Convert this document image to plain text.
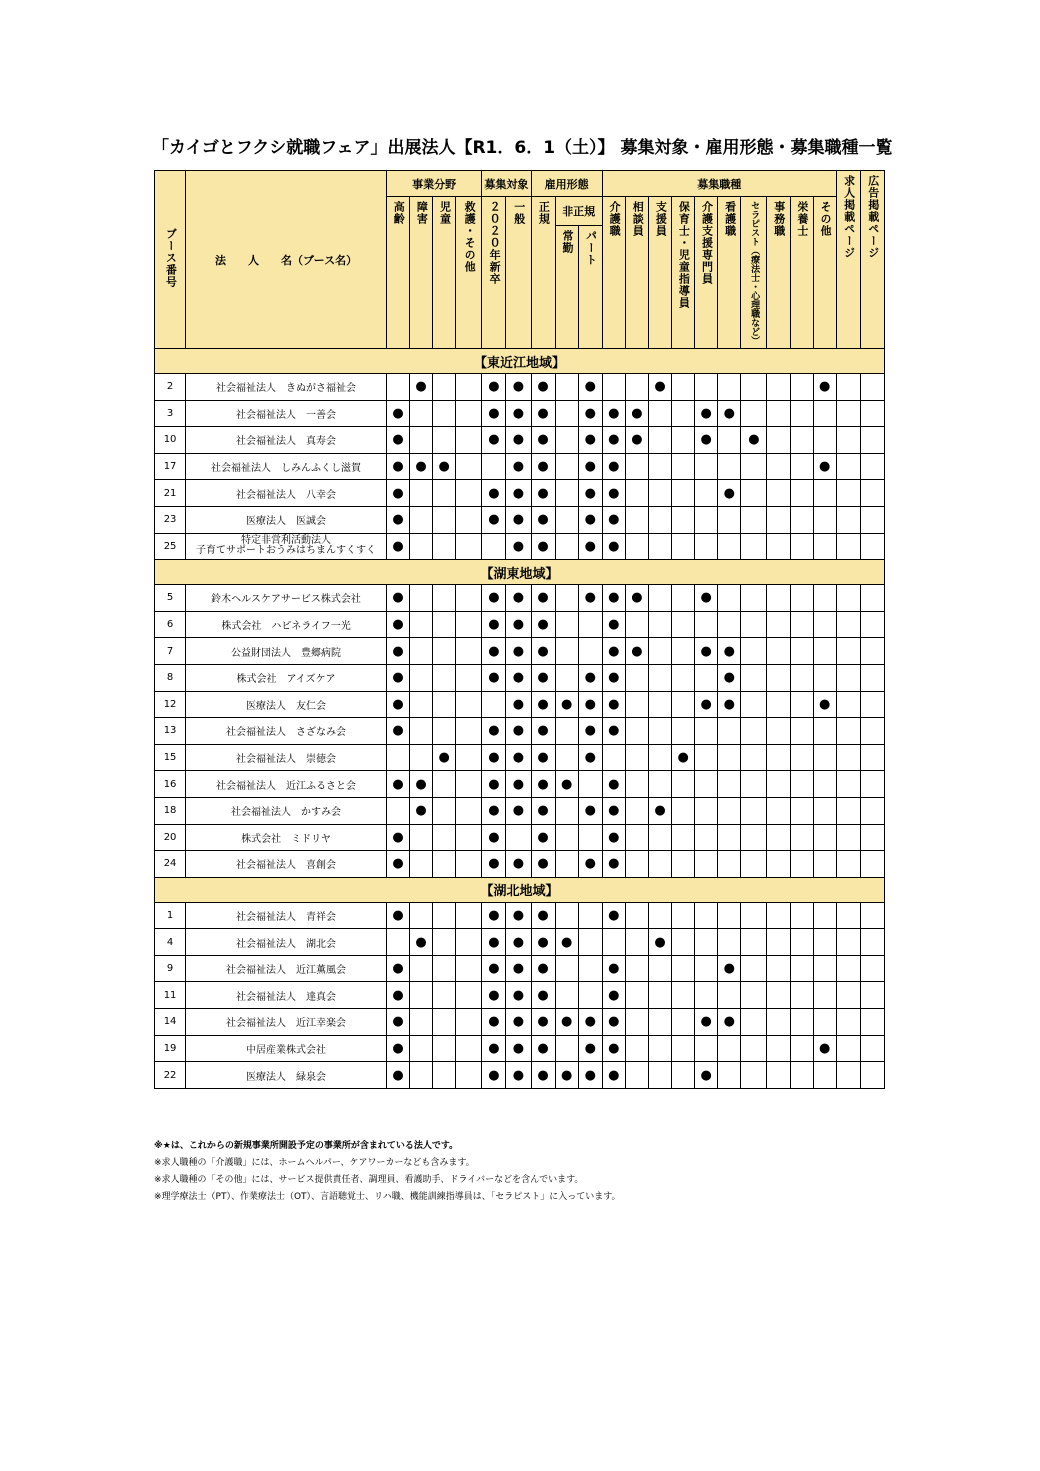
「カイゴとフクシ就職フェア」出展法人【R1．6．1（土）】 募集対象・雇用形態・募集職種一覧
ブース番号	法　　人　　名（ブース名）	事業分野				募集対象		雇用形態			募集職種										求人掲載ページ	広告掲載ページ
		高齢	障害	児童	救護・その他	２０２０年新卒	一般	正規	非正規		介護職	相談員	支援員	保育士・児童指導員	介護支援専門員	看護職	セラピスト（療法士・心理職など）	事務職	栄養士	その他		
									常勤	パート												
【東近江地域】																						
2	社会福祉法人　きぬがさ福祉会		●			●	●	●		●			●							●		
3	社会福祉法人　一善会	●				●	●	●		●	●	●			●	●						
10	社会福祉法人　真寿会	●				●	●	●		●	●	●			●		●					
17	社会福祉法人　しみんふくし滋賀	●	●	●			●	●		●	●									●		
21	社会福祉法人　八幸会	●				●	●	●		●	●					●						
23	医療法人　医誠会	●				●	●	●		●	●											
25	特定非営利活動法人
子育てサポートおうみはちまんすくすく	●					●	●		●	●											
【湖東地域】																						
5	鈴木ヘルスケアサービス株式会社	●				●	●	●		●	●	●			●							
6	株式会社　ハピネライフ一光	●				●	●	●			●											
7	公益財団法人　豊郷病院	●				●	●	●			●	●			●	●						
8	株式会社　アイズケア	●				●	●	●		●	●					●						
12	医療法人　友仁会	●					●	●	●	●	●				●	●				●		
13	社会福祉法人　さざなみ会	●				●	●	●		●	●											
15	社会福祉法人　崇徳会			●		●	●	●		●				●								
16	社会福祉法人　近江ふるさと会	●	●			●	●	●	●		●											
18	社会福祉法人　かすみ会		●			●	●	●		●	●		●									
20	株式会社　ミドリヤ	●				●		●			●											
24	社会福祉法人　喜創会	●				●	●	●		●	●											
【湖北地域】																						
1	社会福祉法人　青祥会	●				●	●	●			●											
4	社会福祉法人　湖北会		●			●	●	●	●				●									
9	社会福祉法人　近江薫風会	●				●	●	●			●					●						
11	社会福祉法人　達真会	●				●	●	●			●											
14	社会福祉法人　近江幸楽会	●				●	●	●	●	●	●				●	●						
19	中居産業株式会社	●				●	●	●		●	●									●		
22	医療法人　緑泉会	●				●	●	●	●	●	●				●							
※★は、これからの新規事業所開設予定の事業所が含まれている法人です。
※求人職種の「介護職」には、ホームヘルパー、ケアワーカーなども含みます。
※求人職種の「その他」には、サービス提供責任者、調理員、看護助手、ドライバーなどを含んでいます。
※理学療法士（PT）、作業療法士（OT）、言語聴覚士、リハ職、機能訓練指導員は、「セラピスト」に入っています。
